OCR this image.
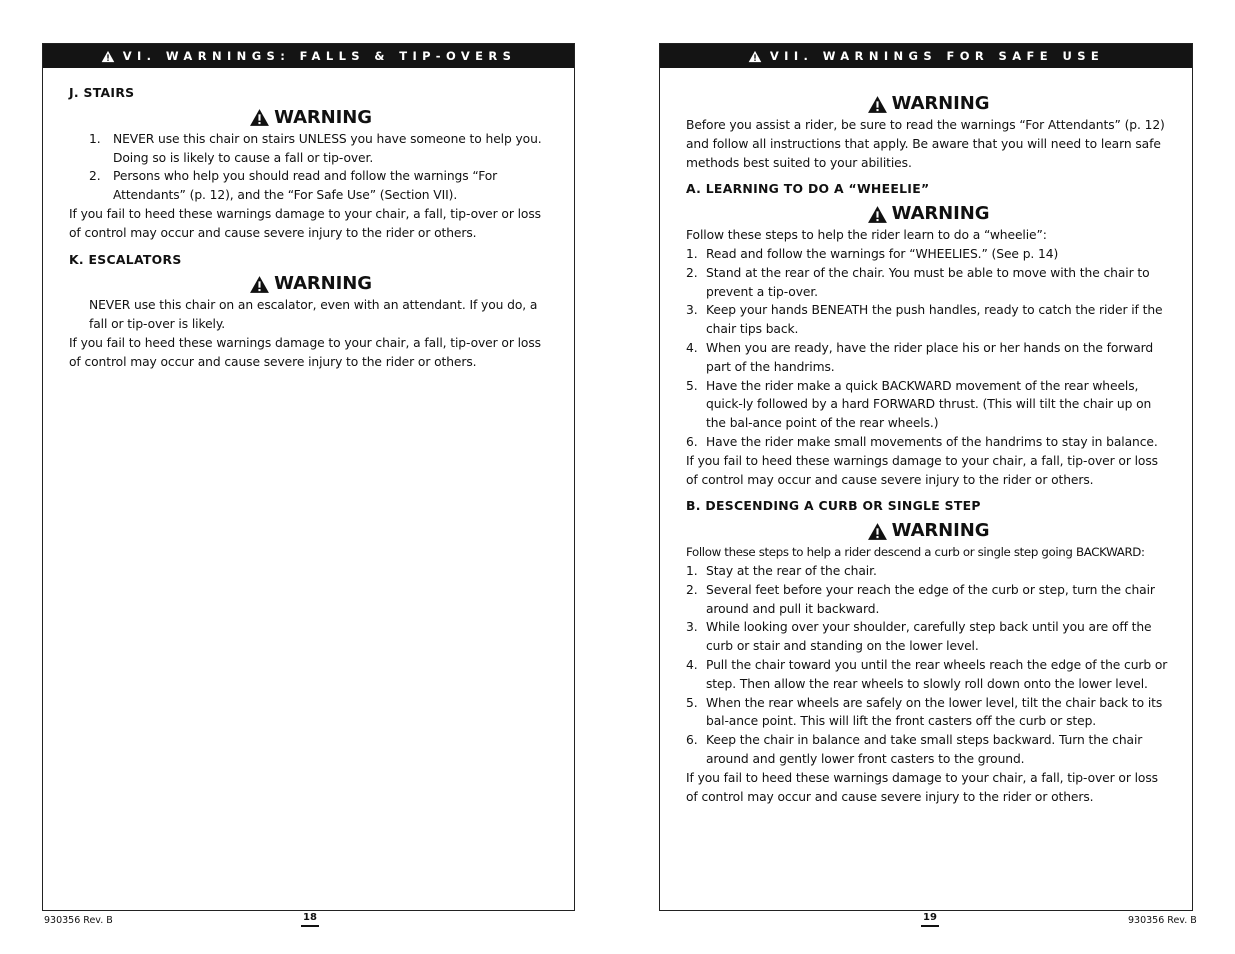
VI. WARNINGS: FALLS & TIP-OVERS
J. STAIRS
WARNING
1.	NEVER use this chair on stairs UNLESS you have someone to help you. Doing so is likely to cause a fall or tip-over.
2.	Persons who help you should read and follow the warnings “For Attendants” (p. 12), and the “For Safe Use” (Section VII).

If you fail to heed these warnings damage to your chair, a fall, tip-over or loss of control may occur and cause severe injury to the rider or others.

K. ESCALATORS
WARNING

NEVER use this chair on an escalator, even with an attendant. If you do, a fall or tip-over is likely.

If you fail to heed these warnings damage to your chair, a fall, tip-over or loss of control may occur and cause severe injury to the rider or others.

930356 Rev. B	18
VII. WARNINGS FOR SAFE USE
WARNING

Before you assist a rider, be sure to read the warnings “For Attendants” (p. 12) and follow all instructions that apply. Be aware that you will need to learn safe methods best suited to your abilities.

A. LEARNING TO DO A “WHEELIE”
WARNING

Follow these steps to help the rider learn to do a “wheelie”:

1. Read and follow the warnings for “WHEELIES.” (See p. 14)
2. Stand at the rear of the chair. You must be able to move with the chair to prevent a tip-over.
3. Keep your hands BENEATH the push handles, ready to catch the rider if the chair tips back.
4. When you are ready, have the rider place his or her hands on the forward part of the handrims.
5. Have the rider make a quick BACKWARD movement of the rear wheels, quick-ly followed by a hard FORWARD thrust. (This will tilt the chair up on the bal-ance point of the rear wheels.)
6. Have the rider make small movements of the handrims to stay in balance.

If you fail to heed these warnings damage to your chair, a fall, tip-over or loss of control may occur and cause severe injury to the rider or others.

B. DESCENDING A CURB OR SINGLE STEP
WARNING

Follow these steps to help a rider descend a curb or single step going BACKWARD:

1. Stay at the rear of the chair.
2. Several feet before your reach the edge of the curb or step, turn the chair around and pull it backward.
3. While looking over your shoulder, carefully step back until you are off the curb or stair and standing on the lower level.
4. Pull the chair toward you until the rear wheels reach the edge of the curb or step. Then allow the rear wheels to slowly roll down onto the lower level.
5. When the rear wheels are safely on the lower level, tilt the chair back to its bal-ance point. This will lift the front casters off the curb or step.
6. Keep the chair in balance and take small steps backward. Turn the chair around and gently lower front casters to the ground.

If you fail to heed these warnings damage to your chair, a fall, tip-over or loss of control may occur and cause severe injury to the rider or others.

19	930356 Rev. B
